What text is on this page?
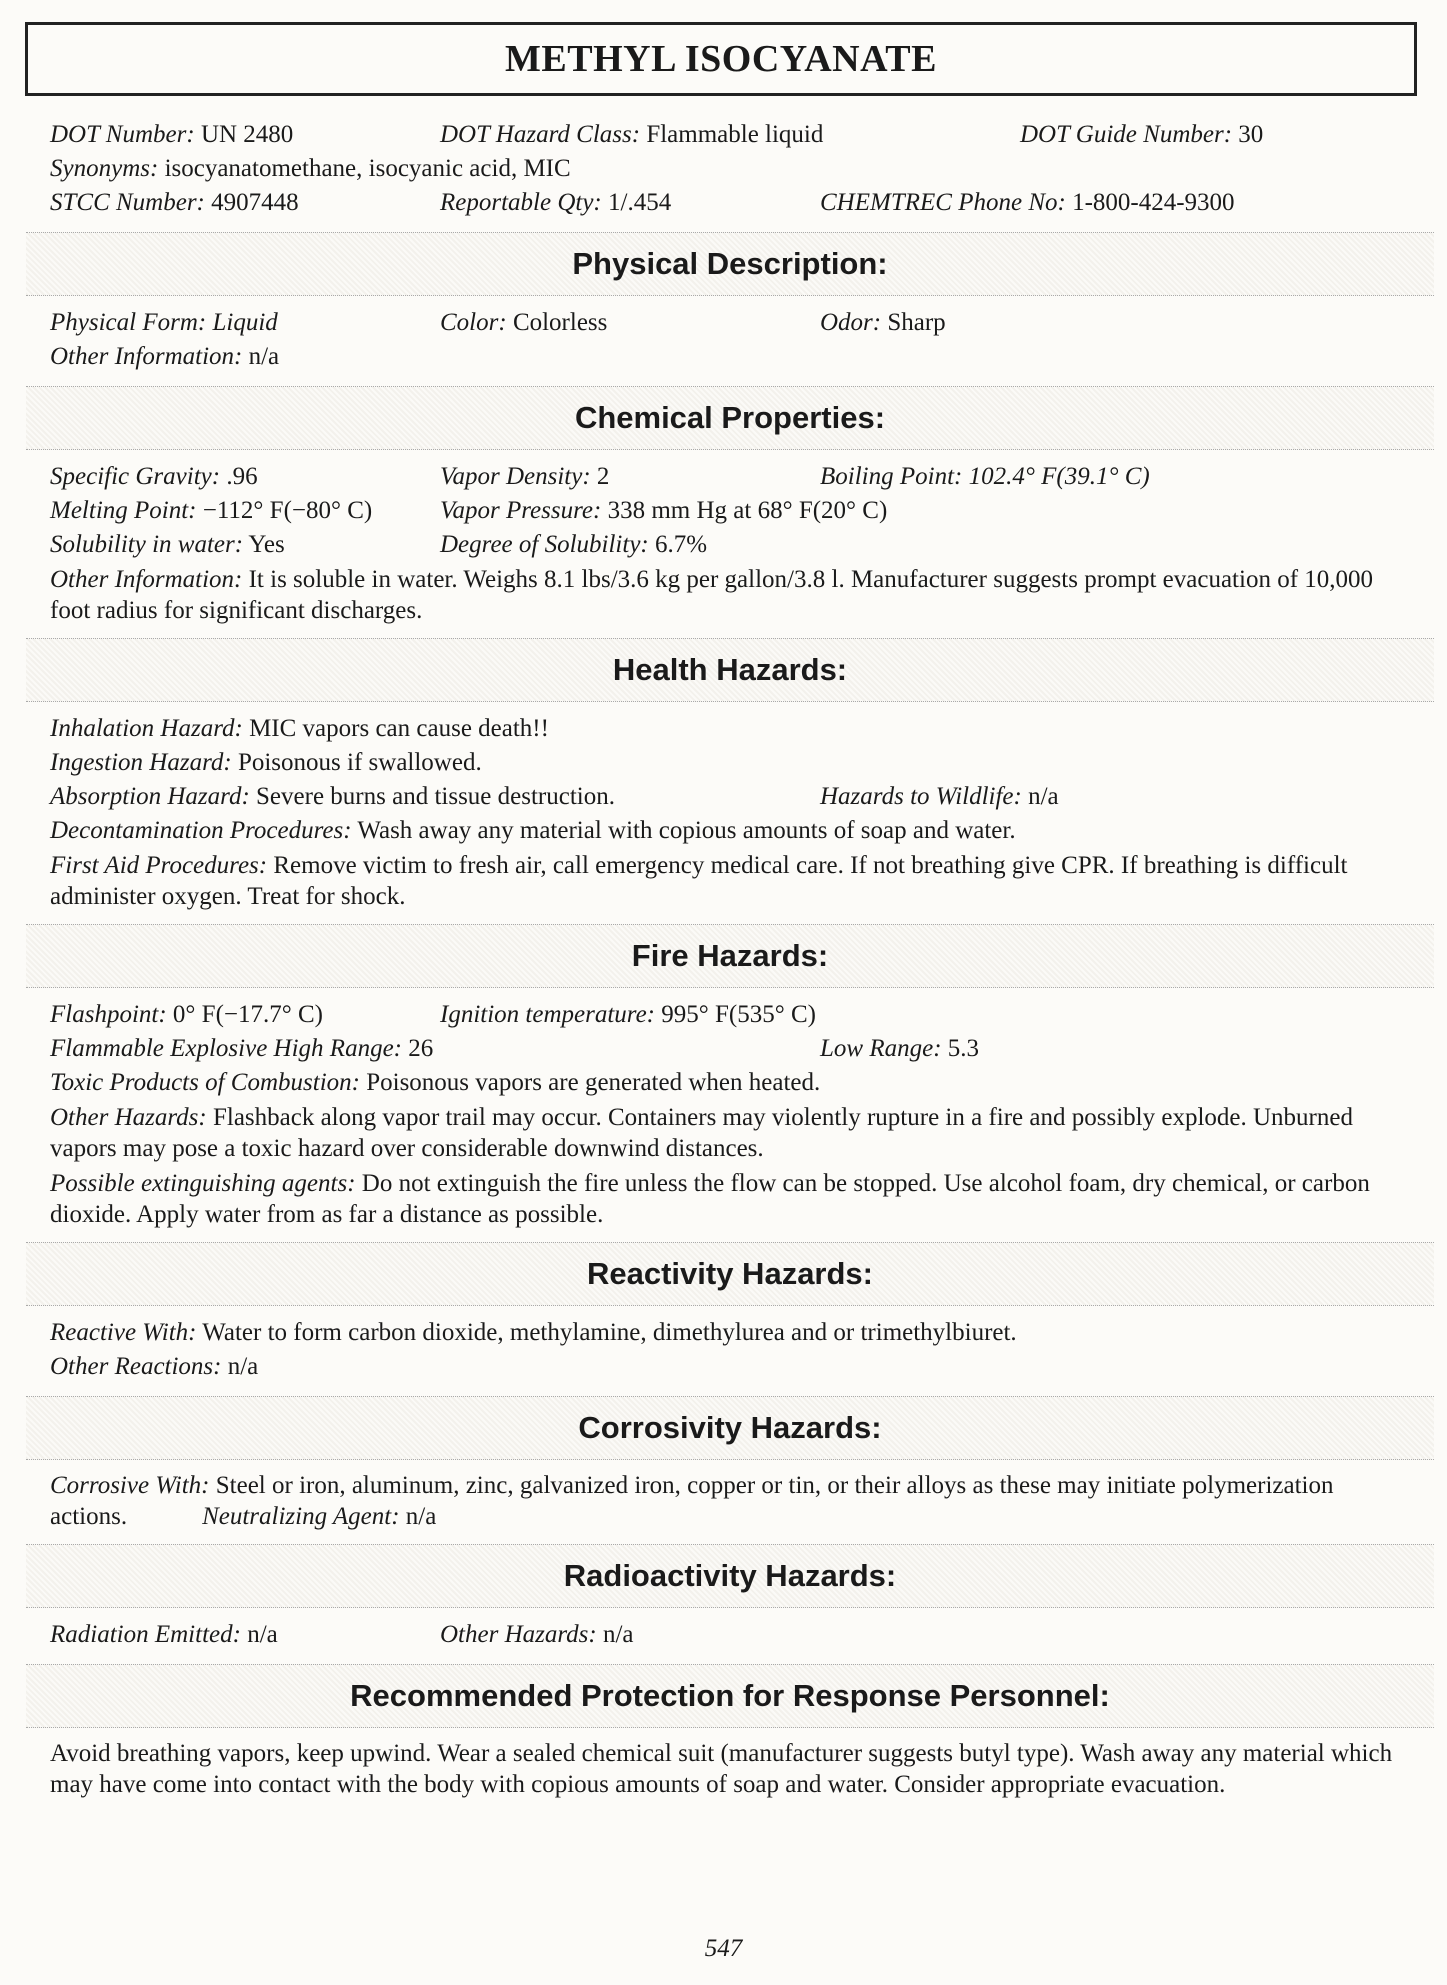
METHYL ISOCYANATE
DOT Number: UN 2480	DOT Hazard Class: Flammable liquid	DOT Guide Number: 30
Synonyms: isocyanatomethane, isocyanic acid, MIC
STCC Number: 4907448	Reportable Qty: 1/.454	CHEMTREC Phone No: 1-800-424-9300
Physical Description:
Physical Form: Liquid	Color: Colorless	Odor: Sharp
Other Information: n/a
Chemical Properties:
Specific Gravity: .96	Vapor Density: 2	Boiling Point: 102.4° F(39.1° C)
Melting Point: −112° F(−80° C)	Vapor Pressure: 338 mm Hg at 68° F(20° C)
Solubility in water: Yes	Degree of Solubility: 6.7%
Other Information: It is soluble in water. Weighs 8.1 lbs/3.6 kg per gallon/3.8 l. Manufacturer suggests prompt evacuation of 10,000 foot radius for significant discharges.
Health Hazards:
Inhalation Hazard: MIC vapors can cause death!!
Ingestion Hazard: Poisonous if swallowed.
Absorption Hazard: Severe burns and tissue destruction.	Hazards to Wildlife: n/a
Decontamination Procedures: Wash away any material with copious amounts of soap and water.
First Aid Procedures: Remove victim to fresh air, call emergency medical care. If not breathing give CPR. If breathing is difficult administer oxygen. Treat for shock.
Fire Hazards:
Flashpoint: 0° F(−17.7° C)	Ignition temperature: 995° F(535° C)
Flammable Explosive High Range: 26	Low Range: 5.3
Toxic Products of Combustion: Poisonous vapors are generated when heated.
Other Hazards: Flashback along vapor trail may occur. Containers may violently rupture in a fire and possibly explode. Unburned vapors may pose a toxic hazard over considerable downwind distances.
Possible extinguishing agents: Do not extinguish the fire unless the flow can be stopped. Use alcohol foam, dry chemical, or carbon dioxide. Apply water from as far a distance as possible.
Reactivity Hazards:
Reactive With: Water to form carbon dioxide, methylamine, dimethylurea and or trimethylbiuret.
Other Reactions: n/a
Corrosivity Hazards:
Corrosive With: Steel or iron, aluminum, zinc, galvanized iron, copper or tin, or their alloys as these may initiate polymerization actions.	Neutralizing Agent: n/a
Radioactivity Hazards:
Radiation Emitted: n/a	Other Hazards: n/a
Recommended Protection for Response Personnel:
Avoid breathing vapors, keep upwind. Wear a sealed chemical suit (manufacturer suggests butyl type). Wash away any material which may have come into contact with the body with copious amounts of soap and water. Consider appropriate evacuation.
547
